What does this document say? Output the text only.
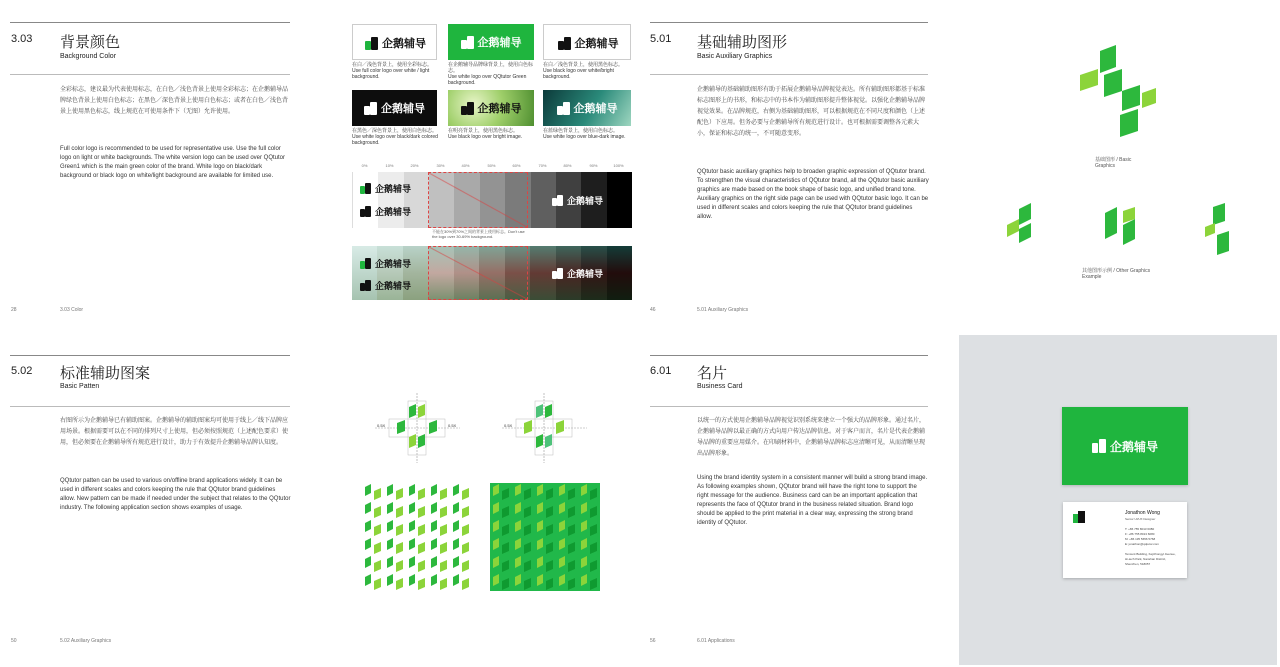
3.03 背景颜色
Background Color
全彩标志，建议最为代表使用标志，在白色／浅色背景上使用全彩标志；在企鹅辅导品牌绿色背景上使用白色标志；在黑色／深色背景上使用白色标志；或者在白色／浅色背景上使用黑色标志，线上规范在可使用条件下（无图）允许使用。
Full color logo is recommended to be used for representative use. Use the full color logo on light or white backgrounds. The white version logo can be used over QQtutor Green1 which is the main green color of the brand. White logo on black/dark background or black logo on white/light background are available for limited use.
28	3.03 Color
企鹅辅导	企鹅辅导	企鹅辅导
在白／浅色背景上，使用全彩标志。
Use full color logo over white / light background.
在企鹅辅导品牌绿背景上，使用白色标志。
Use white logo over QQtutor Green background.
在白／浅色背景上，使用黑色标志。
Use black logo over white/bright background.
企鹅辅导	企鹅辅导	企鹅辅导
在黑色／深色背景上，使用白色标志。
Use white logo over black/dark colored background.
在明亮背景上，使用黑色标志。
Use black logo over bright image.
在蓝绿色背景上，使用白色标志。
Use white logo over blue-dark image.
0%	10%	20%	30%	40%	50%	60%	70%	80%	90%	100%
企鹅辅导
企鹅辅导
企鹅辅导
不能在30%到70%之间的背景上使用标志。Don't use the logo over 30-69% background.
企鹅辅导
企鹅辅导
企鹅辅导
5.01 基础辅助图形
Basic Auxiliary Graphics
企鹅辅导的基础辅助图形有助于拓展企鹅辅导品牌视觉表达。所有辅助图形都基于标准标志图形上的书形，和标志中的书本作为辅助图形提升整体视觉。以强化企鹅辅导品牌视觉效果。在品牌规范，右侧为基础辅助图形，可以根据规范在不同尺度和颜色（上述配色）下应用。但务必要与企鹅辅导所有规范进行设计。也可根据需要调整各元素大小，保证和标志的统一，不可随意变形。
QQtutor basic auxiliary graphics help to broaden graphic expression of QQtutor brand. To strengthen the visual characteristics of QQtutor brand, all the QQtutor basic auxiliary graphics are made based on the book shape of basic logo, and unified brand tone. Auxiliary graphics on the right side page can be used with QQtutor basic logo. It can be used in different scales and colors keeping the rule that QQtutor brand guidelines allow.
46	5.01 Auxiliary Graphics
基础图形 / Basic Graphics
其他图形示例 / Other Graphics Example
5.02 标准辅助图案
Basic Patten
右图所示为企鹅辅导已有辅助图案。企鹅辅导的辅助图案均可使用于线上／线下品牌应用场景。根据需要可以在不同的排列尺寸上使用，但必须按照规范（上述配色要求）使用，但必须要在企鹅辅导所有规范进行设计，助力于有效提升企鹅辅导品牌认知度。
QQtutor patten can be used to various on/offline brand applications widely. It can be used in different scales and colors keeping the rule that QQtutor brand guidelines allow. New pattern can be made if needed under the subject that relates to the QQtutor industry. The following application section shows examples of usage.
50	5.02 Auxiliary Graphics
0.5X	0.5X	0.5X
6.01 名片
Business Card
以统一的方式使用企鹅辅导品牌视觉识别系统来建立一个强大的品牌形象。通过名片，企鹅辅导品牌以最正确的方式向用户传达品牌信息。对于客户而言，名片是代表企鹅辅导品牌的重要应用媒介。在印刷材料中，企鹅辅导品牌标志应清晰可见，从而清晰呈现出品牌形象。
Using the brand identity system in a consistent manner will build a strong brand image. As following examples shown, QQtutor brand will have the right tone to support the right message for the audience. Business card can be an important application that represents the face of QQtutor brand in the business related situation. Brand logo should be applied to the print material in a clear way, expressing the strong brand identity of QQtutor.
56	6.01 Applications
企鹅辅导
Jonathon Wong
Senior UI/UX Designer
T: +86 755 8013 6080
F: +86 755 8013 6080
M: +86 135 5656 5768
E: jonathon@qqtutor.com
Tencent Building, Kejizhongyi Avenue,
Hi-tech Park, Nanshan District,
Shenzhen, 518057
